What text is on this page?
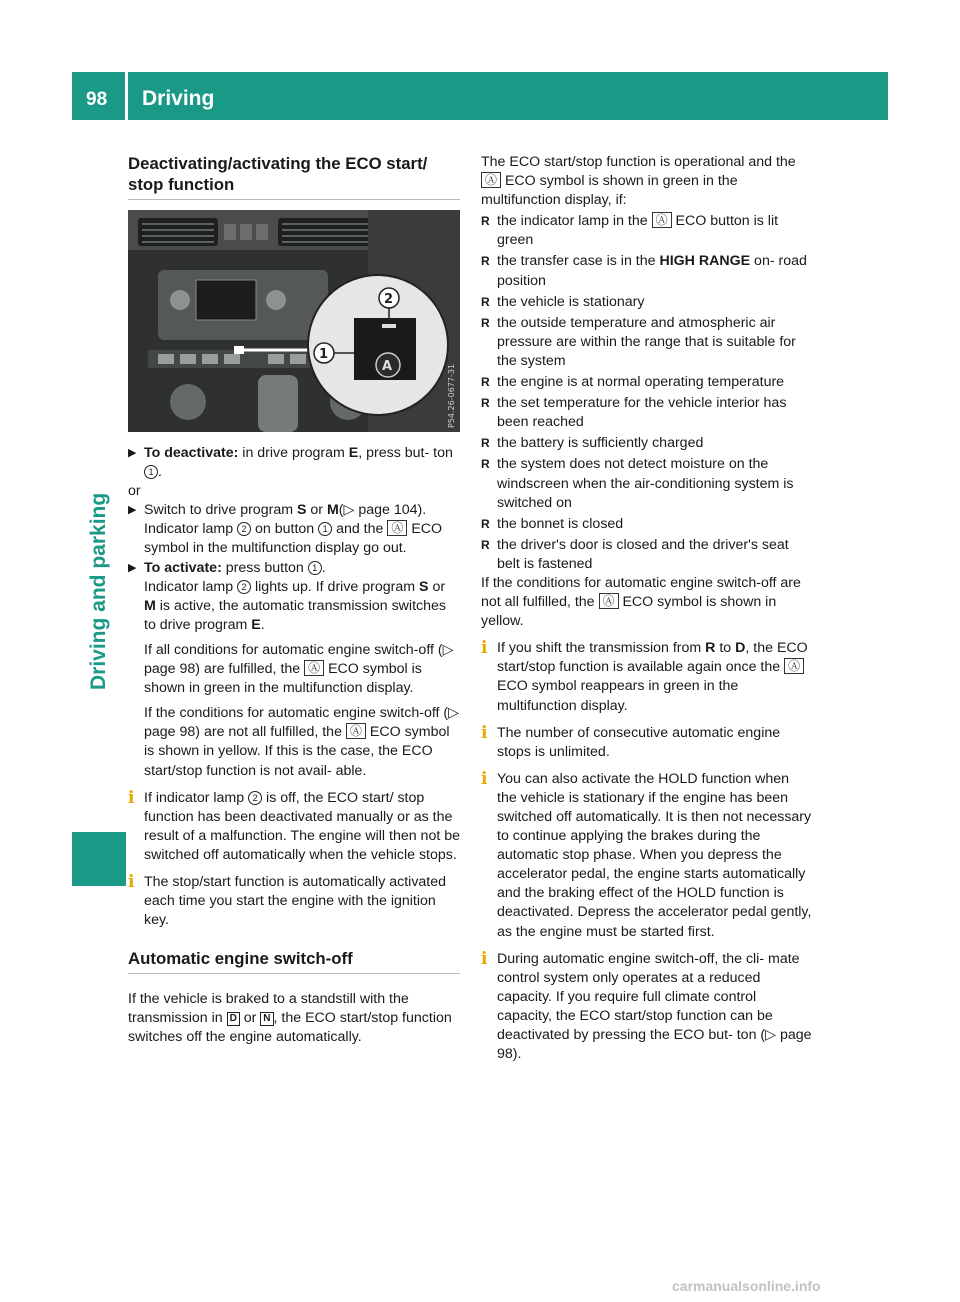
98 Driving
Driving and parking
Deactivating/activating the ECO start/ stop function
A
2
1
P54.26-0677-31

▶ To deactivate: in drive program E, press but- ton 1 .

or

▶ Switch to drive program S or M(▷ page 104). Indicator lamp 2 on button 1 and the Ⓐ ECO symbol in the multifunction display go out.

▶ To activate: press button 1 .
Indicator lamp 2 lights up. If drive program S or M is active, the automatic transmission switches to drive program E.

If all conditions for automatic engine switch-off (▷ page 98) are fulfilled, the Ⓐ ECO symbol is shown in green in the multifunction display.

If the conditions for automatic engine switch-off (▷ page 98) are not all fulfilled, the Ⓐ ECO symbol is shown in yellow. If this is the case, the ECO start/stop function is not avail- able.

i If indicator lamp 2 is off, the ECO start/ stop function has been deactivated manually or as the result of a malfunction. The engine will then not be switched off automatically when the vehicle stops.

i The stop/start function is automatically activated each time you start the engine with the ignition key.

Automatic engine switch-off

If the vehicle is braked to a standstill with the transmission in D or N , the ECO start/stop function switches off the engine automatically.

The ECO start/stop function is operational and the Ⓐ ECO symbol is shown in green in the multifunction display, if:

R the indicator lamp in the Ⓐ ECO button is lit green

R the transfer case is in the HIGH RANGE on- road position

R the vehicle is stationary

R the outside temperature and atmospheric air pressure are within the range that is suitable for the system

R the engine is at normal operating temperature

R the set temperature for the vehicle interior has been reached

R the battery is sufficiently charged

R the system does not detect moisture on the windscreen when the air-conditioning system is switched on

R the bonnet is closed

R the driver's door is closed and the driver's seat belt is fastened

If the conditions for automatic engine switch-off are not all fulfilled, the Ⓐ ECO symbol is shown in yellow.

i If you shift the transmission from R to D, the ECO start/stop function is available again once the Ⓐ ECO symbol reappears in green in the multifunction display.

i The number of consecutive automatic engine stops is unlimited.

i You can also activate the HOLD function when the vehicle is stationary if the engine has been switched off automatically. It is then not necessary to continue applying the brakes during the automatic stop phase. When you depress the accelerator pedal, the engine starts automatically and the braking effect of the HOLD function is deactivated. Depress the accelerator pedal gently, as the engine must be started first.

i During automatic engine switch-off, the cli- mate control system only operates at a reduced capacity. If you require full climate control capacity, the ECO start/stop function can be deactivated by pressing the ECO but- ton (▷ page 98).

carmanualsonline.info
